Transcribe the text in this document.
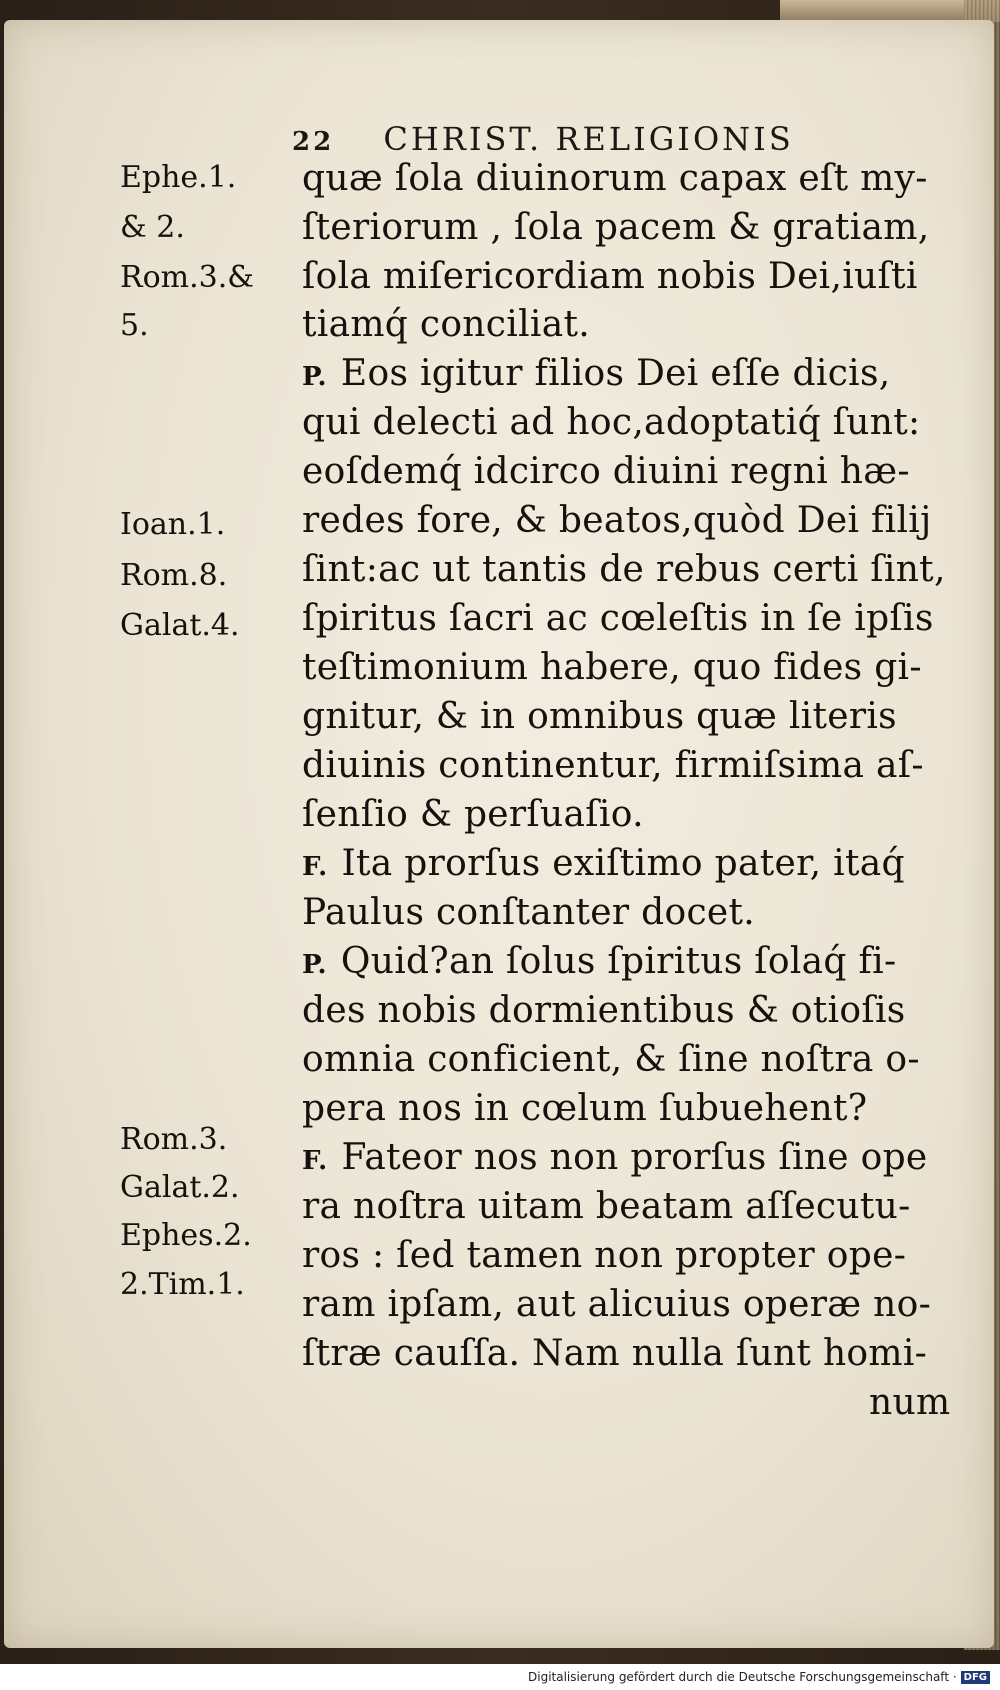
22 CHRIST. RELIGIONIS
Ephe.1.
& 2.
Rom.3.&
5.
Ioan.1.
Rom.8.
Galat.4.
Rom.3.
Galat.2.
Ephes.2.
2.Tim.1.
quæ ſola diuinorum capax eſt my-
ſteriorum , ſola pacem & gratiam,
ſola miſericordiam nobis Dei,iuſti
tiamq́ conciliat.
P. Eos igitur filios Dei eſſe dicis,
qui delecti ad hoc,adoptatiq́ ſunt:
eoſdemq́ idcirco diuini regni hæ-
redes fore, & beatos,quòd Dei filij
ſint:ac ut tantis de rebus certi ſint,
ſpiritus ſacri ac cœleſtis in ſe ipſis
teſtimonium habere, quo fides gi-
gnitur, & in omnibus quæ literis
diuinis continentur, firmiſsima aſ-
ſenſio & perſuaſio.
F. Ita prorſus exiſtimo pater, itaq́
Paulus conſtanter docet.
P. Quid?an ſolus ſpiritus ſolaq́ fi-
des nobis dormientibus & otioſis
omnia conficient, & ſine noſtra o-
pera nos in cœlum ſubuehent?
F. Fateor nos non prorſus ſine ope
ra noſtra uitam beatam aſſecutu-
ros : ſed tamen non propter ope-
ram ipſam, aut alicuius operæ no-
ſtræ cauſſa. Nam nulla ſunt homi-
num
Digitalisierung gefördert durch die Deutsche Forschungsgemeinschaft · DFG
